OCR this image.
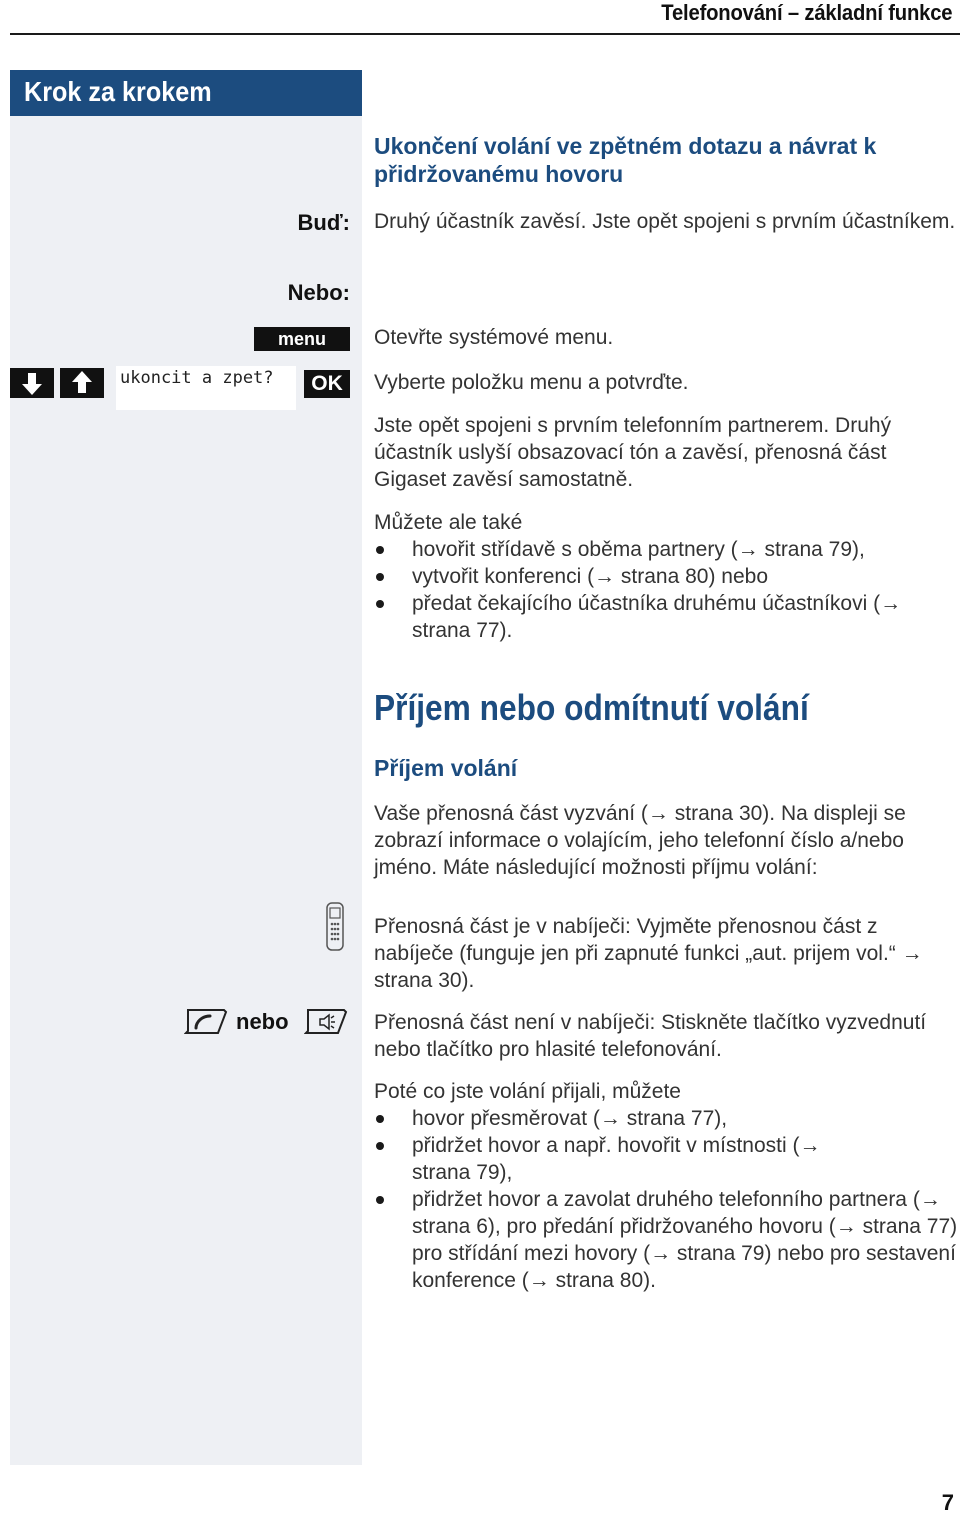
Telefonování – základní funkce
Krok za krokem
Ukončení volání ve zpětném dotazu a návrat k přidržovanému hovoru
Buď: Druhý účastník zavěsí. Jste opět spojeni s prvním účastníkem.
Nebo:
menu	Otevřte systémové menu.
ukoncit a zpet?	OK	Vyberte položku menu a potvrďte.
Jste opět spojeni s prvním telefonním partnerem. Druhý účastník uslyší obsazovací tón a zavěsí, přenosná část Gigaset zavěsí samostatně.

Můžete ale také

hovořit střídavě s oběma partnery (→ strana 79),
vytvořit konferenci (→ strana 80) nebo
předat čekajícího účastníka druhému účastníkovi (→ strana 77).
Příjem nebo odmítnutí volání
Příjem volání
Vaše přenosná část vyzvání (→ strana 30). Na displeji se zobrazí informace o volajícím, jeho telefonní číslo a/nebo jméno. Máte následující možnosti příjmu volání:
Přenosná část je v nabíječi: Vyjměte přenosnou část z nabíječe (funguje jen při zapnuté funkci „aut. prijem vol.“ → strana 30).
nebo	Přenosná část není v nabíječi: Stiskněte tlačítko vyzvednutí nebo tlačítko pro hlasité telefonování.

Poté co jste volání přijali, můžete

hovor přesměrovat (→ strana 77),
přidržet hovor a např. hovořit v místnosti (→ strana 79),
přidržet hovor a zavolat druhého telefonního partnera (→ strana 6), pro předání přidržovaného hovoru (→ strana 77) pro střídání mezi hovory (→ strana 79) nebo pro sestavení konference (→ strana 80).
7
